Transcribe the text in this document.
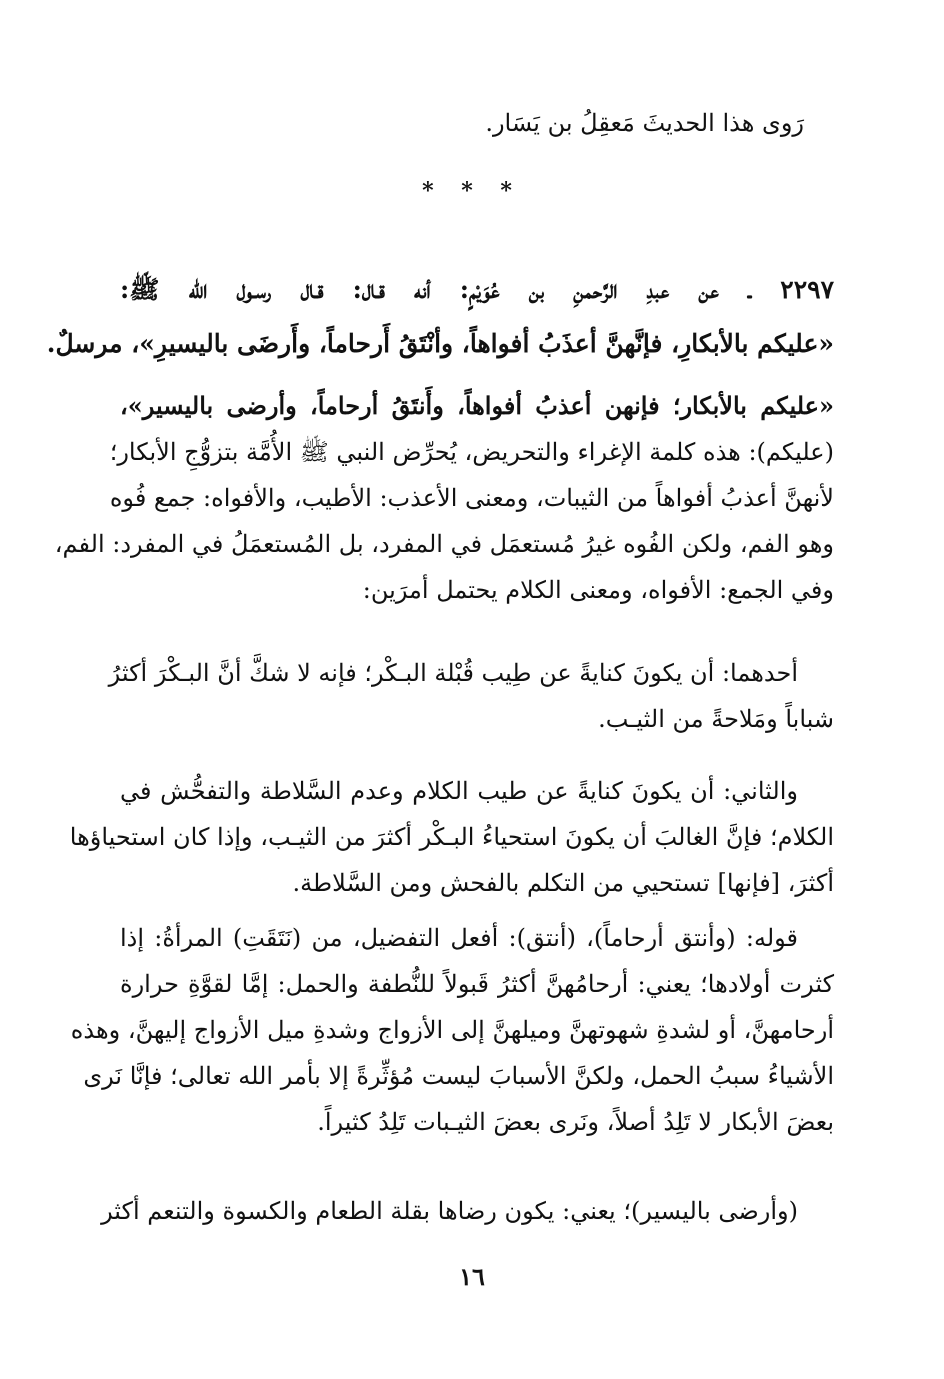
رَوى هذا الحديثَ مَعقِلُ بن يَسَار.
* * *
٢٢٩٧ ـ عن عبدِ الرَّحمنِ بن عُوَيْمٍ: أنه قـال: قـال رسـول الله ﷺ:
«عليكم بالأبكارِ، فإنَّهنَّ أعذَبُ أفواهاً، وأنْتَقُ أَرحاماً، وأَرضَى باليسيرِ»، مرسلٌ.
«عليكم بالأبكار؛ فإنهن أعذبُ أفواهاً، وأَنتَقُ أرحاماً، وأرضى باليسير»،
(عليكم): هذه كلمة الإغراء والتحريض، يُحرِّض النبي ﷺ الأُمَّة بتزوُّجِ الأبكار؛
لأنهنَّ أعذبُ أفواهاً من الثيبات، ومعنى الأعذب: الأطيب، والأفواه: جمع فُوه
وهو الفم، ولكن الفُوه غيرُ مُستعمَل في المفرد، بل المُستعمَلُ في المفرد: الفم،
وفي الجمع: الأفواه، ومعنى الكلام يحتمل أمرَين:
أحدهما: أن يكونَ كنايةً عن طِيب قُبْلة البـكْر؛ فإنه لا شكَّ أنَّ البـكْرَ أكثرُ
شباباً ومَلاحةً من الثيـب.
والثاني: أن يكونَ كنايةً عن طيب الكلام وعدم السَّلاطة والتفحُّش في
الكلام؛ فإنَّ الغالبَ أن يكونَ استحياءُ البـكْر أكثرَ من الثيـب، وإذا كان استحياؤها
أكثرَ، [فإنها] تستحيي من التكلم بالفحش ومن السَّلاطة.
قوله: (وأنتق أرحاماً)، (أنتق): أفعل التفضيل، من (نَتَقَتِ) المرأةُ: إذا
كثرت أولادها؛ يعني: أرحامُهنَّ أكثرُ قَبولاً للنُّطفة والحمل: إمَّا لقوَّةِ حرارة
أرحامهنَّ، أو لشدةِ شهوتهنَّ وميلهنَّ إلى الأزواج وشدةِ ميل الأزواج إليهنَّ، وهذه
الأشياءُ سببُ الحمل، ولكنَّ الأسبابَ ليست مُؤثِّرةً إلا بأمر الله تعالى؛ فإنَّا نَرى
بعضَ الأبكار لا تَلِدُ أصلاً، ونَرى بعضَ الثيـبات تَلِدُ كثيراً.
(وأرضى باليسير)؛ يعني: يكون رضاها بقلة الطعام والكسوة والتنعم أكثر
١٦
